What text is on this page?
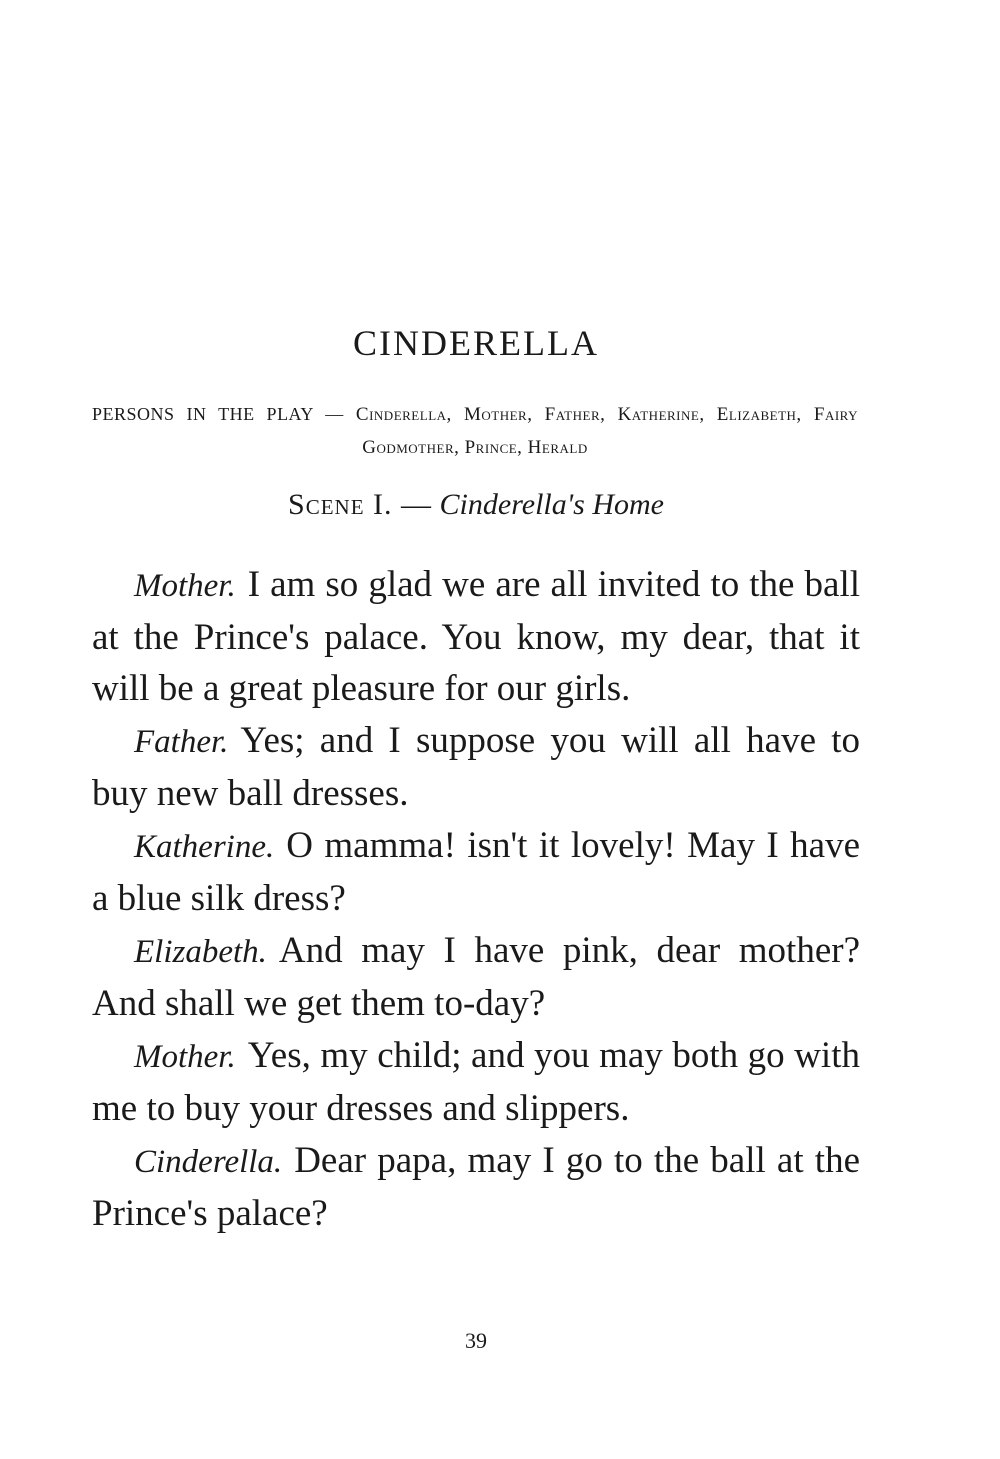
CINDERELLA
PERSONS IN THE PLAY — Cinderella, Mother, Father, Katherine, Elizabeth, Fairy Godmother, Prince, Herald
Scene I. — Cinderella's Home

Mother. I am so glad we are all invited to the ball at the Prince's palace. You know, my dear, that it will be a great pleasure for our girls.

Father. Yes; and I suppose you will all have to buy new ball dresses.

Katherine. O mamma! isn't it lovely! May I have a blue silk dress?

Elizabeth. And may I have pink, dear mother? And shall we get them to-day?

Mother. Yes, my child; and you may both go with me to buy your dresses and slippers.

Cinderella. Dear papa, may I go to the ball at the Prince's palace?

39
